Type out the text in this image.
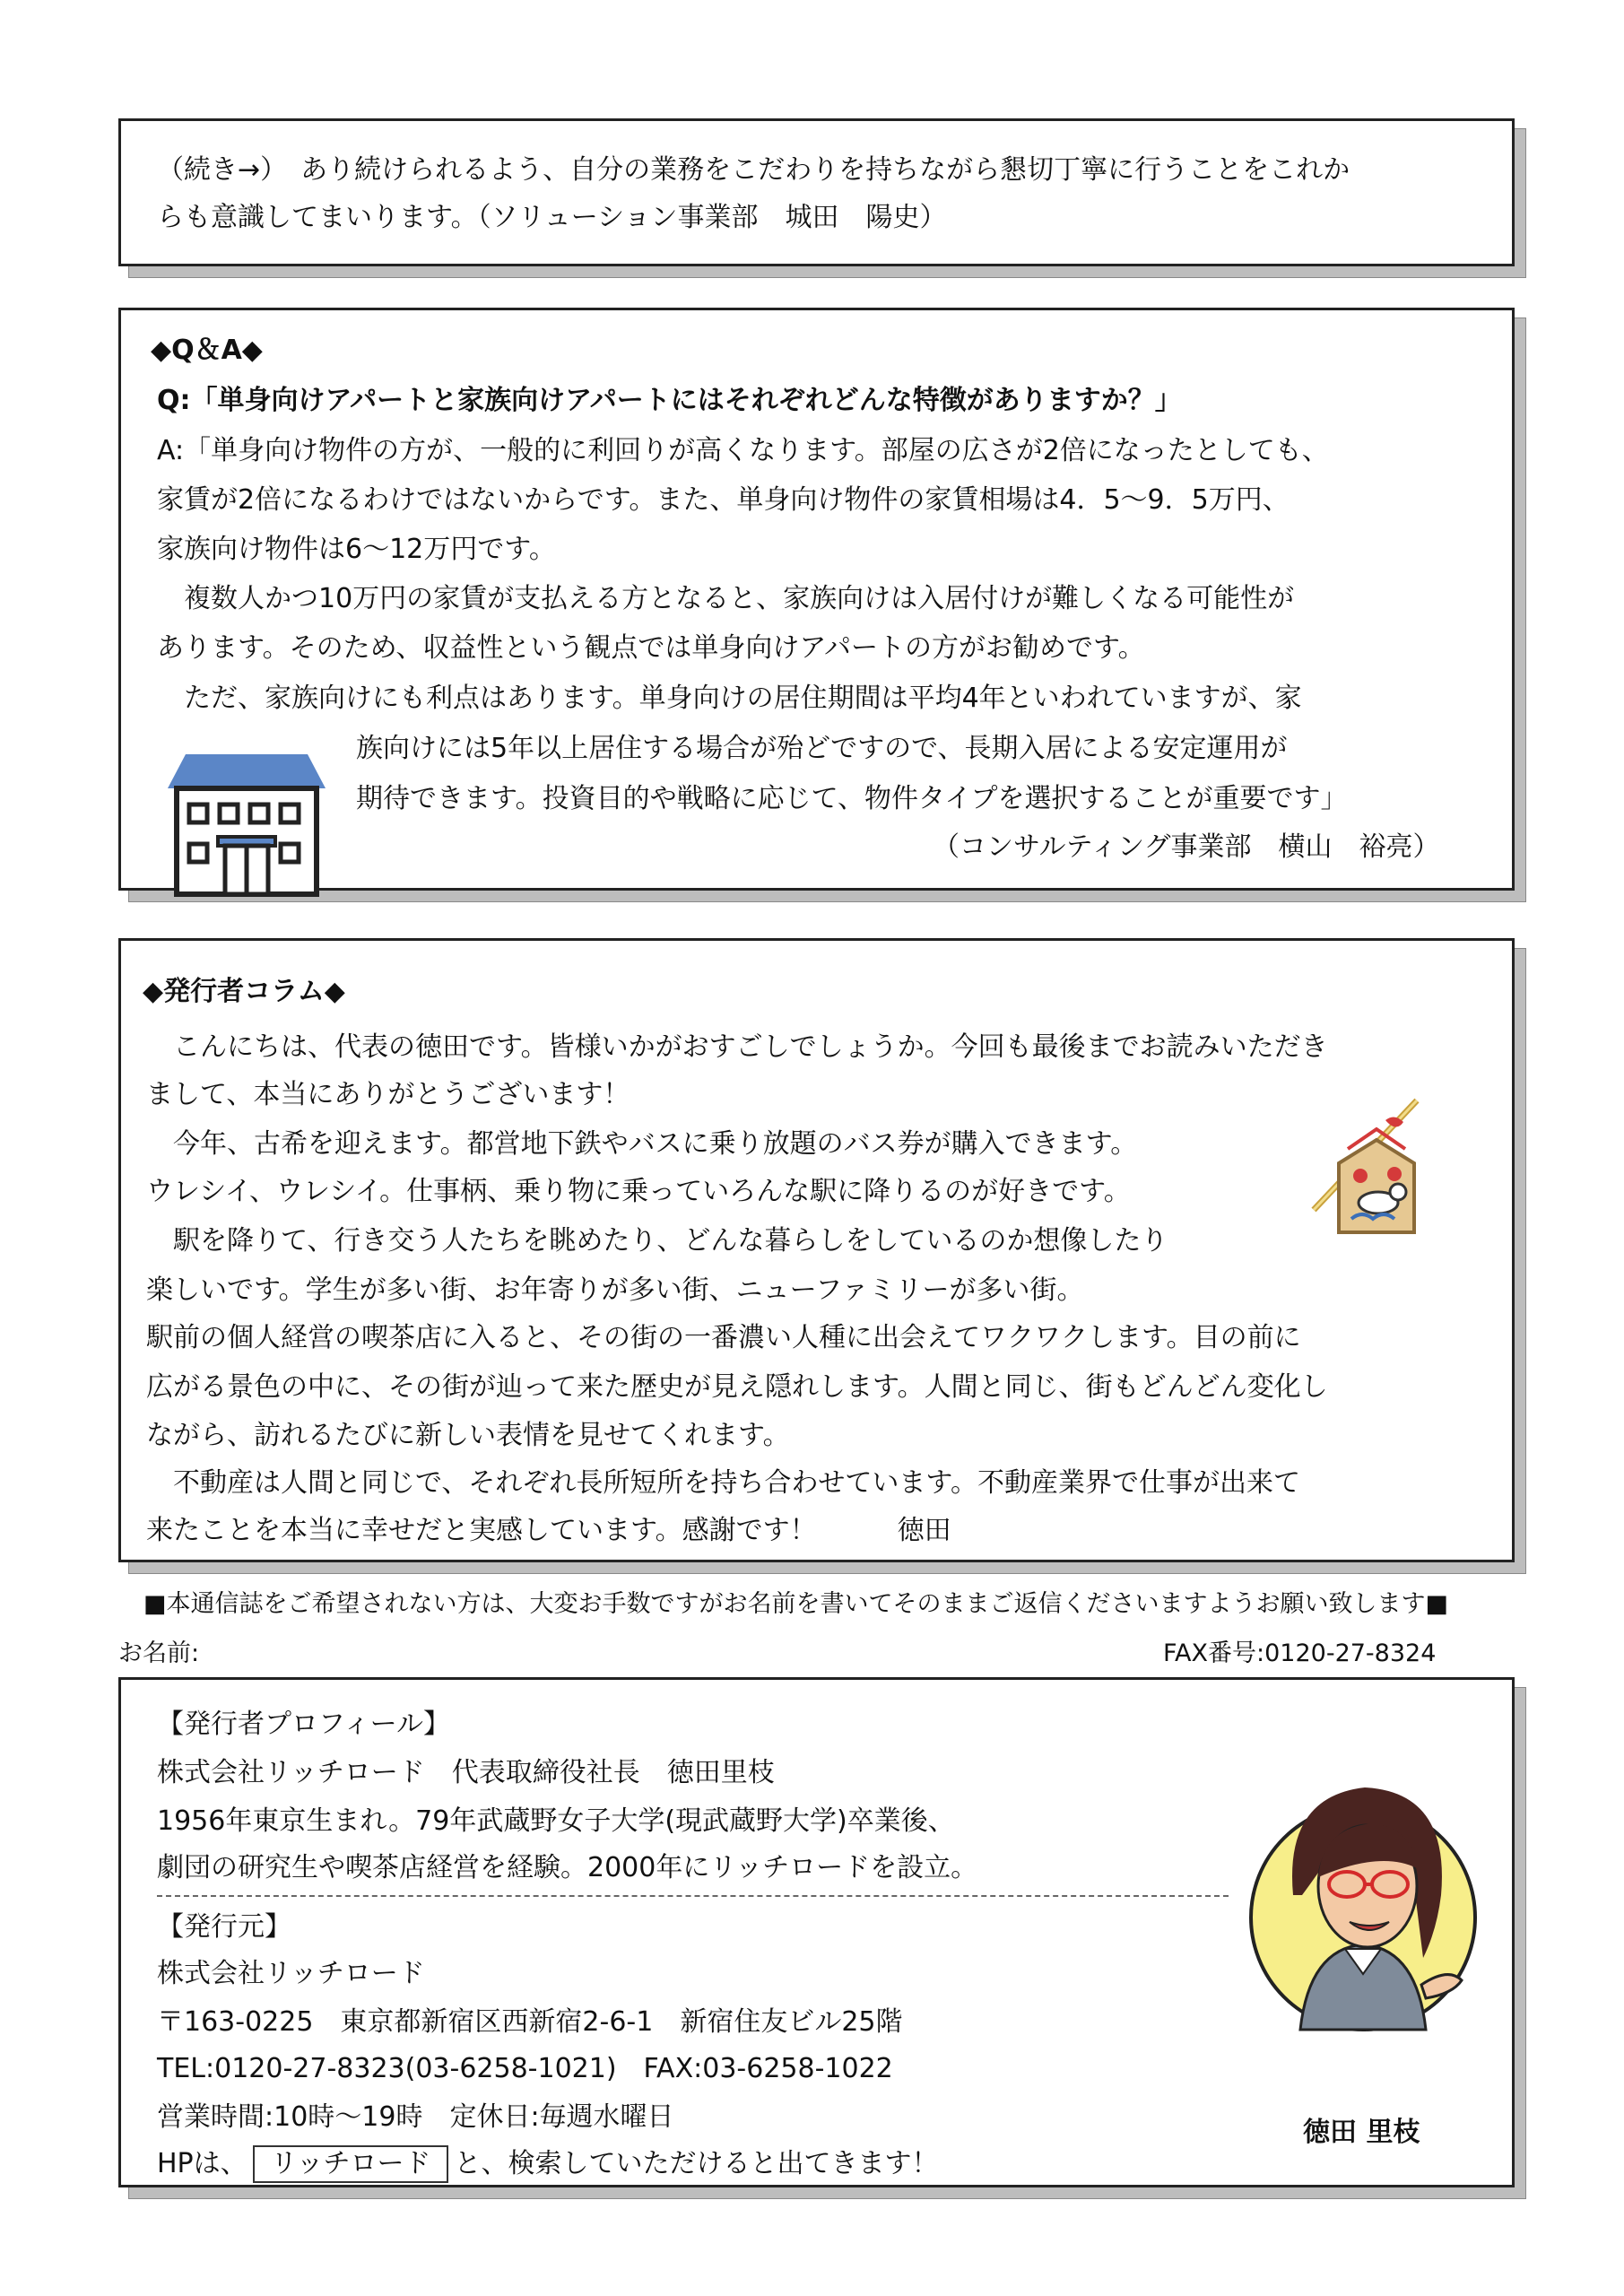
（続き→）　あり続けられるよう、自分の業務をこだわりを持ちながら懇切丁寧に行うことをこれか

らも意識してまいります。（ソリューション事業部　城田　陽史）

◆Q＆A◆

Q:「単身向けアパートと家族向けアパートにはそれぞれどんな特徴がありますか？」

A:「単身向け物件の方が、一般的に利回りが高くなります。部屋の広さが2倍になったとしても、

家賃が2倍になるわけではないからです。また、単身向け物件の家賃相場は4．5〜9．5万円、

家族向け物件は6〜12万円です。

　複数人かつ10万円の家賃が支払える方となると、家族向けは入居付けが難しくなる可能性が

あります。そのため、収益性という観点では単身向けアパートの方がお勧めです。

　ただ、家族向けにも利点はあります。単身向けの居住期間は平均4年といわれていますが、家

族向けには5年以上居住する場合が殆どですので、長期入居による安定運用が

期待できます。投資目的や戦略に応じて、物件タイプを選択することが重要です」

（コンサルティング事業部　横山　裕亮）

◆発行者コラム◆

　こんにちは、代表の徳田です。皆様いかがおすごしでしょうか。今回も最後までお読みいただき

まして、本当にありがとうございます！

　今年、古希を迎えます。都営地下鉄やバスに乗り放題のバス券が購入できます。

ウレシイ、ウレシイ。仕事柄、乗り物に乗っていろんな駅に降りるのが好きです。

　駅を降りて、行き交う人たちを眺めたり、どんな暮らしをしているのか想像したり

楽しいです。学生が多い街、お年寄りが多い街、ニューファミリーが多い街。

駅前の個人経営の喫茶店に入ると、その街の一番濃い人種に出会えてワクワクします。目の前に

広がる景色の中に、その街が辿って来た歴史が見え隠れします。人間と同じ、街もどんどん変化し

ながら、訪れるたびに新しい表情を見せてくれます。

　不動産は人間と同じで、それぞれ長所短所を持ち合わせています。不動産業界で仕事が出来て

来たことを本当に幸せだと実感しています。感謝です！　　　徳田

■本通信誌をご希望されない方は、大変お手数ですがお名前を書いてそのままご返信くださいますようお願い致します■

お名前:	FAX番号:0120-27-8324

【発行者プロフィール】

株式会社リッチロード　代表取締役社長　徳田里枝

1956年東京生まれ。79年武蔵野女子大学(現武蔵野大学)卒業後、

劇団の研究生や喫茶店経営を経験。2000年にリッチロードを設立。

【発行元】

株式会社リッチロード

〒163-0225　東京都新宿区西新宿2-6-1　新宿住友ビル25階

TEL:0120-27-8323(03-6258-1021)　FAX:03-6258-1022

営業時間:10時〜19時　定休日:毎週水曜日

HPは、 リッチロード と、検索していただけると出てきます！

徳田 里枝
